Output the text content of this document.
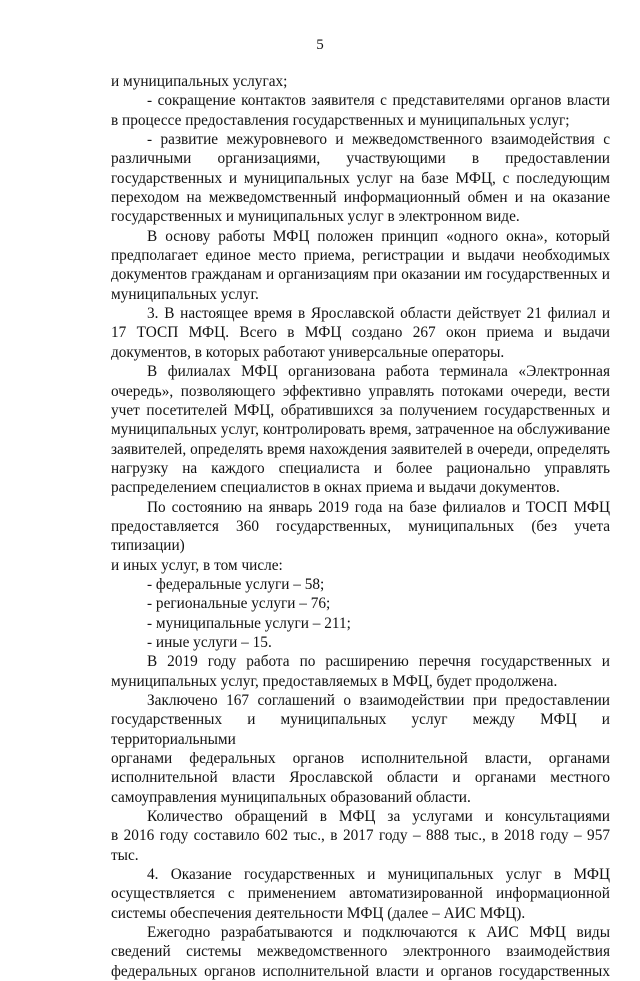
5

и муниципальных услугах;

- сокращение контактов заявителя с представителями органов власти

в процессе предоставления государственных и муниципальных услуг;

- развитие межуровневого и межведомственного взаимодействия с

различными организациями, участвующими в предоставлении

государственных и муниципальных услуг на базе МФЦ, с последующим

переходом на межведомственный информационный обмен и на оказание

государственных и муниципальных услуг в электронном виде.

В основу работы МФЦ положен принцип «одного окна», который

предполагает единое место приема, регистрации и выдачи необходимых

документов гражданам и организациям при оказании им государственных и

муниципальных услуг.

3. В настоящее время в Ярославской области действует 21 филиал и

17 ТОСП МФЦ. Всего в МФЦ создано 267 окон приема и выдачи

документов, в которых работают универсальные операторы.

В филиалах МФЦ организована работа терминала «Электронная

очередь», позволяющего эффективно управлять потоками очереди, вести

учет посетителей МФЦ, обратившихся за получением государственных и

муниципальных услуг, контролировать время, затраченное на обслуживание

заявителей, определять время нахождения заявителей в очереди, определять

нагрузку на каждого специалиста и более рационально управлять

распределением специалистов в окнах приема и выдачи документов.

По состоянию на январь 2019 года на базе филиалов и ТОСП МФЦ

предоставляется 360 государственных, муниципальных (без учета типизации)

и иных услуг, в том числе:

- федеральные услуги – 58;

- региональные услуги – 76;

- муниципальные услуги – 211;

- иные услуги – 15.

В 2019 году работа по расширению перечня государственных и

муниципальных услуг, предоставляемых в МФЦ, будет продолжена.

Заключено 167 соглашений о взаимодействии при предоставлении

государственных и муниципальных услуг между МФЦ и территориальными

органами федеральных органов исполнительной власти, органами

исполнительной власти Ярославской области и органами местного

самоуправления муниципальных образований области.

Количество обращений в МФЦ за услугами и консультациями

в 2016 году составило 602 тыс., в 2017 году – 888 тыс., в 2018 году – 957 тыс.

4. Оказание государственных и муниципальных услуг в МФЦ

осуществляется с применением автоматизированной информационной

системы обеспечения деятельности МФЦ (далее – АИС МФЦ).

Ежегодно разрабатываются и подключаются к АИС МФЦ виды

сведений системы межведомственного электронного взаимодействия

федеральных органов исполнительной власти и органов государственных
